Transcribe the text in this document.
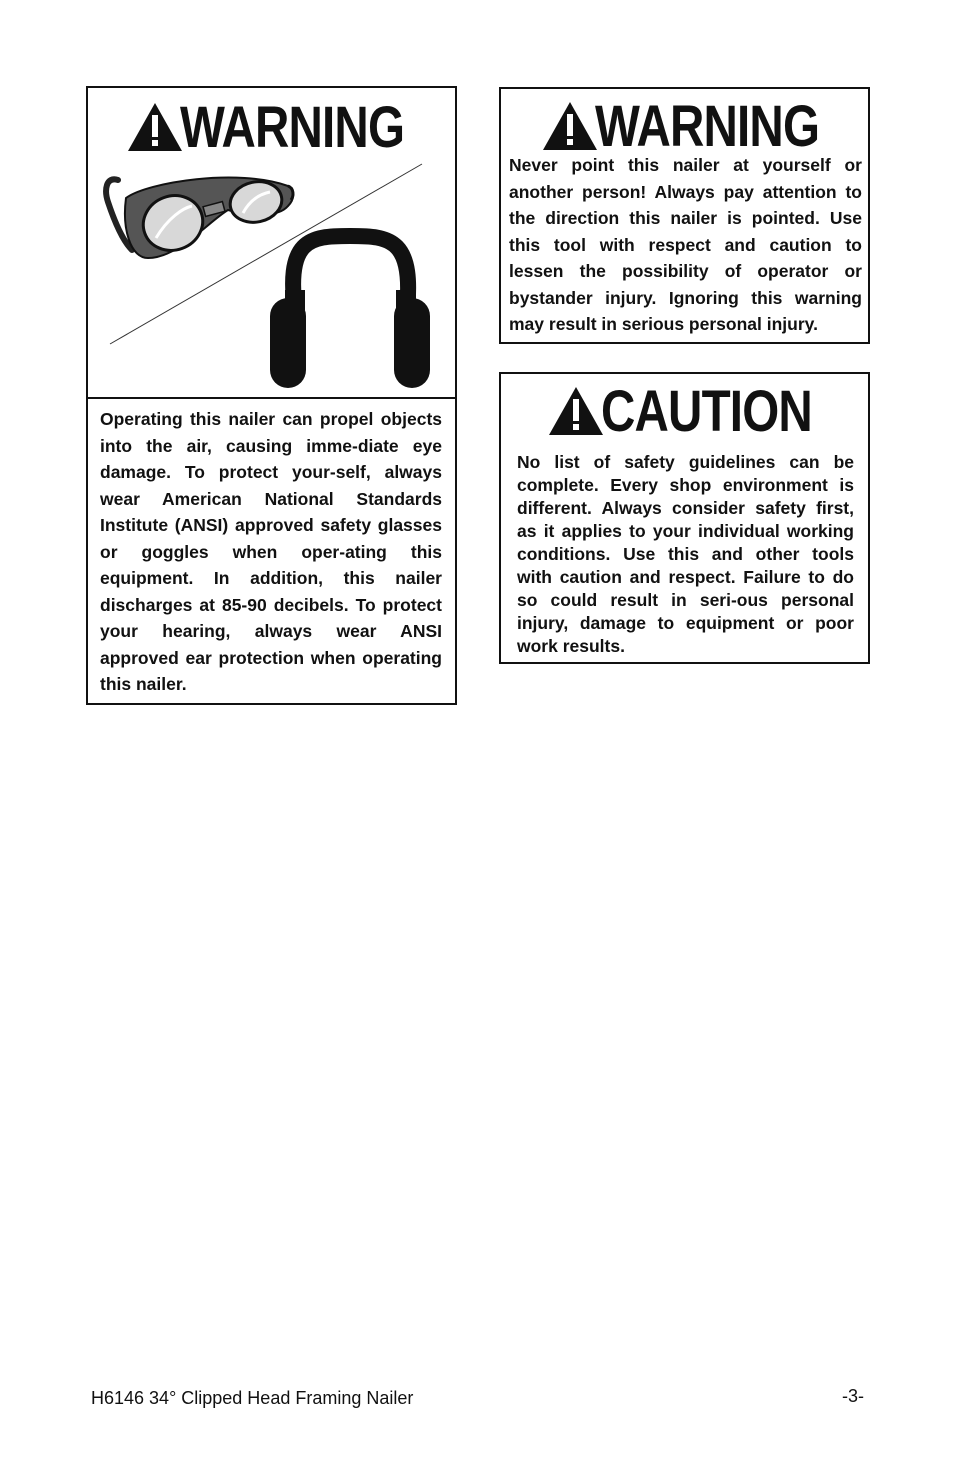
WARNING
Operating this nailer can propel objects into the air, causing imme-diate eye damage. To protect your-self, always wear American National Standards Institute (ANSI) approved safety glasses or goggles when oper-ating this equipment. In addition, this nailer discharges at 85-90 decibels. To protect your hearing, always wear ANSI approved ear protection when operating this nailer.
WARNING
Never point this nailer at yourself or another person! Always pay attention to the direction this nailer is pointed. Use this tool with respect and caution to lessen the possibility of operator or bystander injury. Ignoring this warning may result in serious personal injury.
CAUTION
No list of safety guidelines can be complete. Every shop environment is different. Always consider safety first, as it applies to your individual working conditions. Use this and other tools with caution and respect. Failure to do so could result in seri-ous personal injury, damage to equipment or poor work results.
H6146 34° Clipped Head Framing Nailer	-3-
